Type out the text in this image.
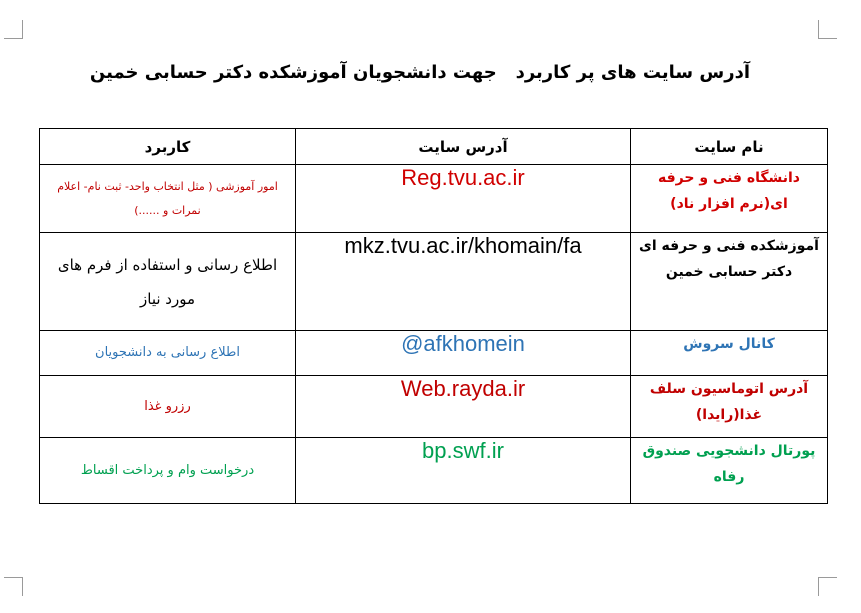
آدرس سایت های پر کاربرد   جهت دانشجویان آموزشکده دکتر حسابی خمین
نام سایت	آدرس سایت	کاربرد
دانشگاه فنی و حرفه ای(نرم افزار ناد)	Reg.tvu.ac.ir	امور آموزشی ( مثل انتخاب واحد- ثبت نام- اعلام نمرات و ......)
آموزشکده فنی و حرفه ای دکتر حسابی خمین	mkz.tvu.ac.ir/khomain/fa	اطلاع رسانی و استفاده از فرم های مورد نیاز
کانال سروش	@afkhomein	اطلاع رسانی به دانشجویان
آدرس اتوماسیون سلف غذا(رایدا)	Web.rayda.ir	رزرو غذا
پورتال دانشجویی صندوق رفاه	bp.swf.ir	درخواست وام و پرداخت اقساط
